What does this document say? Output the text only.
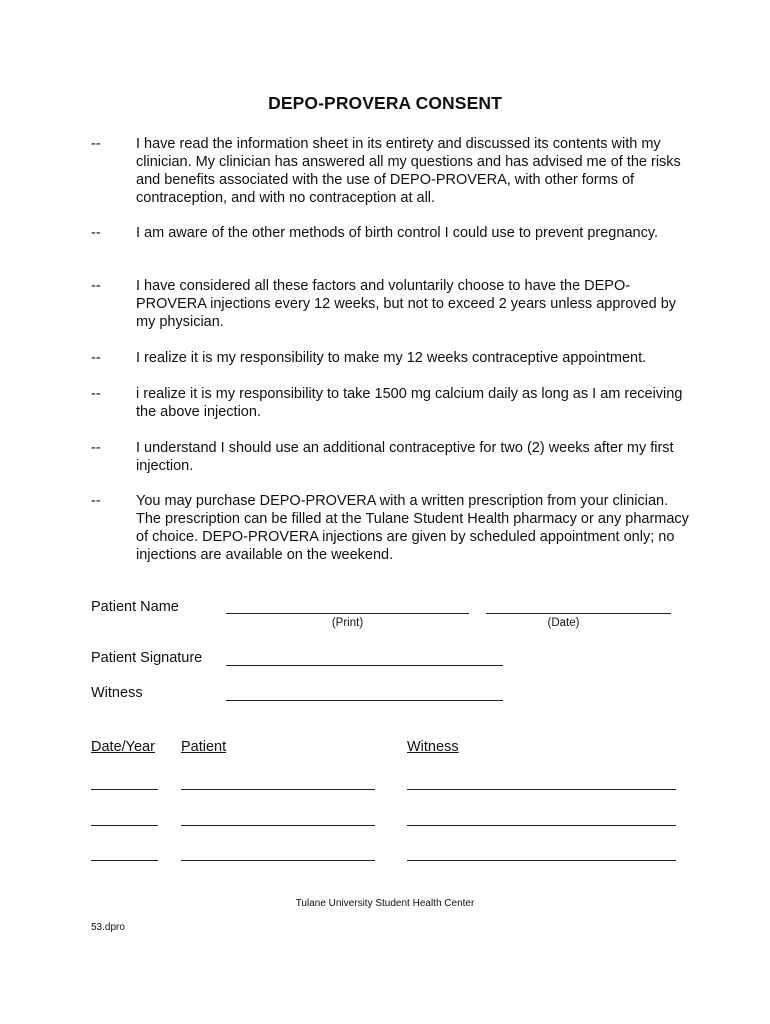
DEPO-PROVERA CONSENT
-- I have read the information sheet in its entirety and discussed its contents with my clinician. My clinician has answered all my questions and has advised me of the risks and benefits associated with the use of DEPO-PROVERA, with other forms of contraception, and with no contraception at all.
-- I am aware of the other methods of birth control I could use to prevent pregnancy.
-- I have considered all these factors and voluntarily choose to have the DEPO-PROVERA injections every 12 weeks, but not to exceed 2 years unless approved by my physician.
-- I realize it is my responsibility to make my 12 weeks contraceptive appointment.
-- i realize it is my responsibility to take 1500 mg calcium daily as long as I am receiving the above injection.
-- I understand I should use an additional contraceptive for two (2) weeks after my first injection.
-- You may purchase DEPO-PROVERA with a written prescription from your clinician. The prescription can be filled at the Tulane Student Health pharmacy or any pharmacy of choice. DEPO-PROVERA injections are given by scheduled appointment only; no injections are available on the weekend.
Patient Name
(Print)	(Date)
Patient Signature
Witness
Date/Year Patient	Witness
Tulane University Student Health Center
53.dpro
